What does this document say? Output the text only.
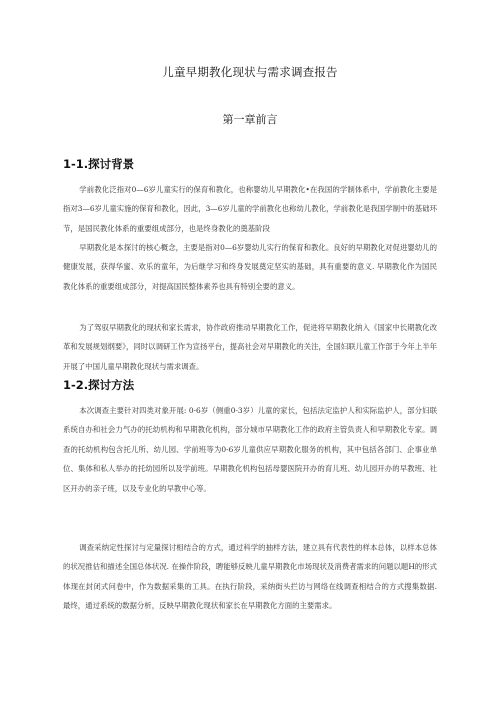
儿童早期教化现状与需求调查报告
第一章前言
1-1.探讨背景

学前教化泛指对0—6岁儿童实行的保育和教化，也称婴幼儿早期教化•在我国的学制体系中，学前教化主要是指对3—6岁儿童实施的保育和教化，因此，3—6岁儿童的学前教化也称幼儿教化，学前教化是我国学制中的基础环节，是国民教化体系的重要组成部分，也是终身教化的奠基阶段

早期教化是本探讨的核心概念，主要是指对0—6岁婴幼儿实行的保育和教化。良好的早期教化对促进婴幼儿的健康发展，获得华蜜、欢乐的童年，为后继学习和终身发展奠定坚实的基础，具有重要的意义. 早期教化作为国民教化体系的重要组成部分，对提高国民整体素养也具有特别全要的意义。

为了驾驭早期教化的现状和家长需求，协作政府推动早期教化工作，促进将早期教化纳入《国家中长期教化改革和发展规划纲要》，同时以调研工作为宣扬平台，提高社会对早期教化的关注，全国妇联儿童工作部于今年上半年开展了中国儿童早期教化现状与需求调查。

1-2.探讨方法

本次调查主要针对四类对象开展: 0-6岁（侧重0-3岁）儿童的家长，包括法定监护人和实际监护人，部分妇联系统自办和社会力气办的托幼机构和早期教化机构，部分城市早期教化工作的政府主管负责人和早期教化专家。调查的托幼机构包含托儿所、幼儿园、学前班等为0-6岁儿童供应早期教化服务的机构，其中包括各部门、企事业单位、集体和私人举办的托幼园所以及学前班。早期教化机构包括母婴医院开办的育儿班、幼儿园开办的早教班、社区开办的亲子班，以及专业化的早教中心等。

调查采纳定性探讨与定量探讨相结合的方式，通过科学的抽样方法，建立具有代表性的样本总体，以样本总体的状况推估和描述全国总体状况. 在操作阶段，聘能够反映儿童早期教化市场现状及消费者需求的问题以题H的形式体现在封闭式问卷中，作为数据采集的工具。在执行阶段，采纳街头拦访与网络在线调查相结合的方式搜集数据. 最终，通过系统的数据分析，反映早期教化现状和家长在早期教化方面的主要需求。
